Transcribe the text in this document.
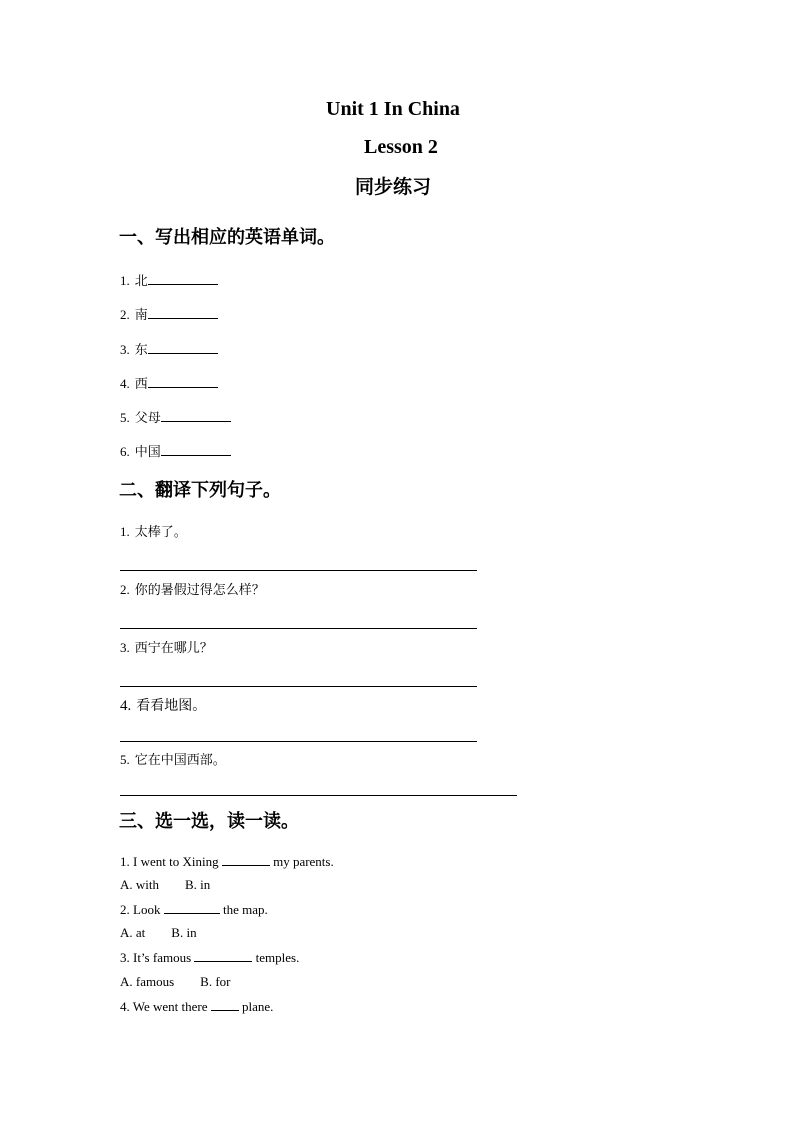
Unit 1 In China
Lesson 2
同步练习
一、写出相应的英语单词。
1. 北
2. 南
3. 东
4. 西
5. 父母
6. 中国
二、翻译下列句子。
1. 太棒了。
2. 你的暑假过得怎么样？
3. 西宁在哪儿？
4. 看看地图。
5. 它在中国西部。
三、选一选，读一读。
1. I went to Xining	my parents.
A. with B. in
2. Look	the map.
A. at B. in
3. It’s famous	temples.
A. famous B. for
4. We went there  plane.
